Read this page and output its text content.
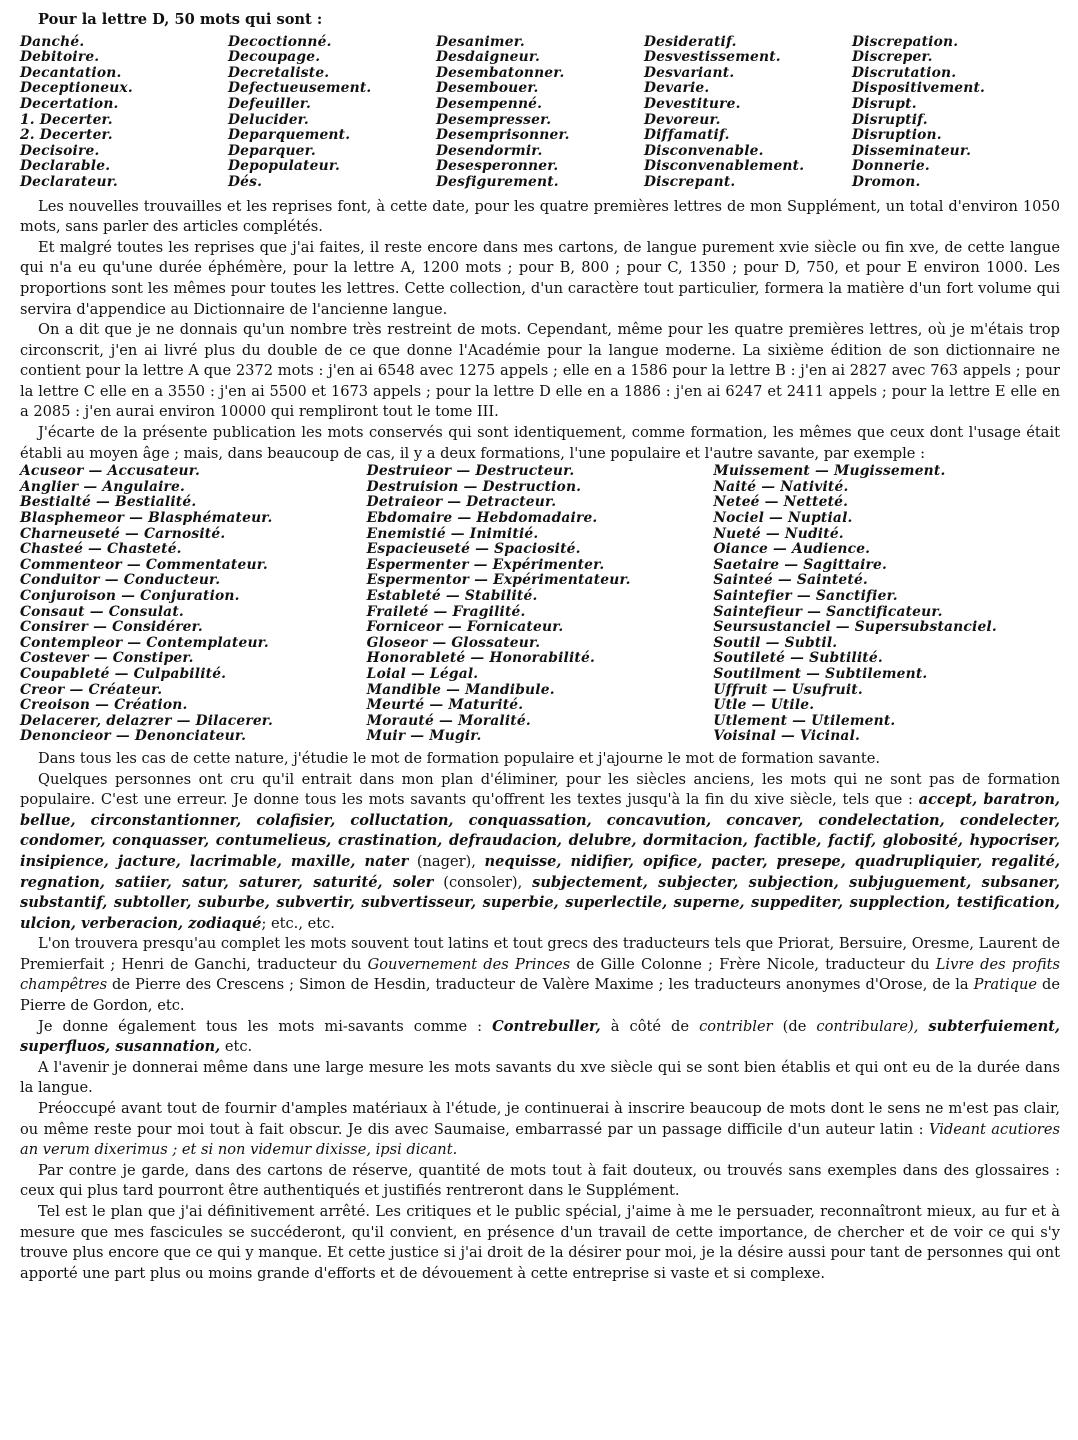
Pour la lettre D, 50 mots qui sont :
Danché.
Debitoire.
Decantation.
Deceptioneux.
Decertation.
1. Decerter.
2. Decerter.
Decisoire.
Declarable.
Declarateur.
Decoctionné.
Decoupage.
Decretaliste.
Defectueusement.
Defeuiller.
Delucider.
Deparquement.
Deparquer.
Depopulateur.
Dés.
Desanimer.
Desdaigneur.
Desembatonner.
Desembouer.
Desempenné.
Desempresser.
Desemprisonner.
Desendormir.
Desesperonner.
Desfigurement.
Desideratif.
Desvestissement.
Desvariant.
Devarie.
Devestiture.
Devoreur.
Diffamatif.
Disconvenable.
Disconvenablement.
Discrepant.
Discrepation.
Discreper.
Discrutation.
Dispositivement.
Disrupt.
Disruptif.
Disruption.
Disseminateur.
Donnerie.
Dromon.

Les nouvelles trouvailles et les reprises font, à cette date, pour les quatre premières lettres de mon Supplément, un total d'environ 1050 mots, sans parler des articles complétés.

Et malgré toutes les reprises que j'ai faites, il reste encore dans mes cartons, de langue purement xvie siècle ou fin xve, de cette langue qui n'a eu qu'une durée éphémère, pour la lettre A, 1200 mots ; pour B, 800 ; pour C, 1350 ; pour D, 750, et pour E environ 1000. Les proportions sont les mêmes pour toutes les lettres. Cette collection, d'un caractère tout particulier, formera la matière d'un fort volume qui servira d'appendice au Dictionnaire de l'ancienne langue.

On a dit que je ne donnais qu'un nombre très restreint de mots. Cependant, même pour les quatre premières lettres, où je m'étais trop circonscrit, j'en ai livré plus du double de ce que donne l'Académie pour la langue moderne. La sixième édition de son dictionnaire ne contient pour la lettre A que 2372 mots : j'en ai 6548 avec 1275 appels ; elle en a 1586 pour la lettre B : j'en ai 2827 avec 763 appels ; pour la lettre C elle en a 3550 : j'en ai 5500 et 1673 appels ; pour la lettre D elle en a 1886 : j'en ai 6247 et 2411 appels ; pour la lettre E elle en a 2085 : j'en aurai environ 10000 qui rempliront tout le tome III.

J'écarte de la présente publication les mots conservés qui sont identiquement, comme formation, les mêmes que ceux dont l'usage était établi au moyen âge ; mais, dans beaucoup de cas, il y a deux formations, l'une populaire et l'autre savante, par exemple :

Acuseor — Accusateur.
Anglier — Angulaire.
Bestialté — Bestialité.
Blasphemeor — Blasphémateur.
Charneuseté — Carnosité.
Chasteé — Chasteté.
Commenteor — Commentateur.
Conduitor — Conducteur.
Conjuroison — Conjuration.
Consaut — Consulat.
Consirer — Considérer.
Contempleor — Contemplateur.
Costever — Constiper.
Coupableté — Culpabilité.
Creor — Créateur.
Creoison — Création.
Delacerer, delazrer — Dilacerer.
Denoncieor — Denonciateur.
Destruieor — Destructeur.
Destruision — Destruction.
Detraieor — Detracteur.
Ebdomaire — Hebdomadaire.
Enemistié — Inimitié.
Espacieuseté — Spaciosité.
Espermenter — Expérimenter.
Espermentor — Expérimentateur.
Estableté — Stabilité.
Fraileté — Fragilité.
Forniceor — Fornicateur.
Gloseor — Glossateur.
Honorableté — Honorabilité.
Loial — Légal.
Mandible — Mandibule.
Meurté — Maturité.
Morauté — Moralité.
Muir — Mugir.
Muissement — Mugissement.
Naité — Nativité.
Neteé — Netteté.
Nociel — Nuptial.
Nueté — Nudité.
Oiance — Audience.
Saetaire — Sagittaire.
Sainteé — Sainteté.
Saintefier — Sanctifier.
Saintefieur — Sanctificateur.
Seursustanciel — Supersubstanciel.
Soutil — Subtil.
Soutileté — Subtilité.
Soutilment — Subtilement.
Uffruit — Usufruit.
Utle — Utile.
Utlement — Utilement.
Voisinal — Vicinal.

Dans tous les cas de cette nature, j'étudie le mot de formation populaire et j'ajourne le mot de formation savante.

Quelques personnes ont cru qu'il entrait dans mon plan d'éliminer, pour les siècles anciens, les mots qui ne sont pas de formation populaire. C'est une erreur. Je donne tous les mots savants qu'offrent les textes jusqu'à la fin du xive siècle, tels que : accept, baratron, bellue, circonstantionner, colafisier, colluctation, conquassation, concavution, concaver, condelectation, condelecter, condomer, conquasser, contumelieus, crastination, defraudacion, delubre, dormitacion, factible, factif, globosité, hypocriser, insipience, jacture, lacrimable, maxille, nater (nager), nequisse, nidifier, opifice, pacter, presepe, quadrupliquier, regalité, regnation, satiier, satur, saturer, saturité, soler (consoler), subjectement, subjecter, subjection, subjuguement, subsaner, substantif, subtoller, suburbe, subvertir, subvertisseur, superbie, superlectile, superne, suppediter, supplection, testification, ulcion, verberacion, zodiaqué; etc., etc.

L'on trouvera presqu'au complet les mots souvent tout latins et tout grecs des traducteurs tels que Priorat, Bersuire, Oresme, Laurent de Premierfait ; Henri de Ganchi, traducteur du Gouvernement des Princes de Gille Colonne ; Frère Nicole, traducteur du Livre des profits champêtres de Pierre des Crescens ; Simon de Hesdin, traducteur de Valère Maxime ; les traducteurs anonymes d'Orose, de la Pratique de Pierre de Gordon, etc.

Je donne également tous les mots mi-savants comme : Contrebuller, à côté de contribler (de contribulare), subterfuiement, superfluos, susannation, etc.

A l'avenir je donnerai même dans une large mesure les mots savants du xve siècle qui se sont bien établis et qui ont eu de la durée dans la langue.

Préoccupé avant tout de fournir d'amples matériaux à l'étude, je continuerai à inscrire beaucoup de mots dont le sens ne m'est pas clair, ou même reste pour moi tout à fait obscur. Je dis avec Saumaise, embarrassé par un passage difficile d'un auteur latin : Videant acutiores an verum dixerimus ; et si non videmur dixisse, ipsi dicant.

Par contre je garde, dans des cartons de réserve, quantité de mots tout à fait douteux, ou trouvés sans exemples dans des glossaires : ceux qui plus tard pourront être authentiqués et justifiés rentreront dans le Supplément.

Tel est le plan que j'ai définitivement arrêté. Les critiques et le public spécial, j'aime à me le persuader, reconnaîtront mieux, au fur et à mesure que mes fascicules se succéderont, qu'il convient, en présence d'un travail de cette importance, de chercher et de voir ce qui s'y trouve plus encore que ce qui y manque. Et cette justice si j'ai droit de la désirer pour moi, je la désire aussi pour tant de personnes qui ont apporté une part plus ou moins grande d'efforts et de dévouement à cette entreprise si vaste et si complexe.
